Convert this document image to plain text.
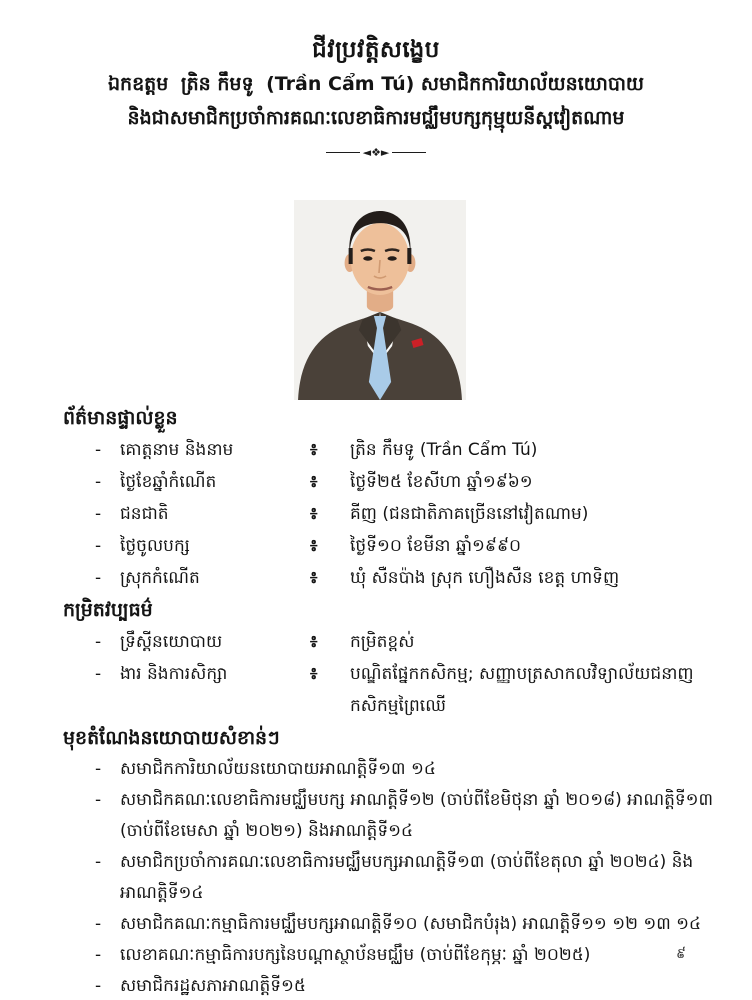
ជីវប្រវត្តិសង្ខេប
ឯកឧត្តម ត្រិន កឹមទូ (Trần Cẩm Tú) សមាជិកការិយាល័យនយោបាយ
និងជាសមាជិកប្រចាំការគណៈលេខាធិការមជ្ឈឹមបក្សកុម្មុយនីស្តវៀតណាម
◄❖►
ព័ត៌មានផ្ទាល់ខ្លួន
-	គោត្តនាម និងនាម	៖	ត្រិន កឹមទូ (Trần Cẩm Tú)
-	ថ្ងៃខែឆ្នាំកំណើត	៖	ថ្ងៃទី២៥ ខែសីហា ឆ្នាំ១៩៦១
-	ជនជាតិ	៖	គីញ (ជនជាតិភាគច្រើននៅវៀតណាម)
-	ថ្ងៃចូលបក្ស	៖	ថ្ងៃទី១០ ខែមីនា ឆ្នាំ១៩៩០
-	ស្រុកកំណើត	៖	ឃុំ សឺនប៉ាង ស្រុក ហឿងសឺន ខេត្ត ហាទិញ
កម្រិតវប្បធម៌
-	ទ្រឹស្តីនយោបាយ	៖	កម្រិតខ្ពស់
-	ងារ និងការសិក្សា	៖	បណ្ឌិតផ្នែកកសិកម្ម; សញ្ញាបត្រសាកលវិទ្យាល័យជនាញកសិកម្មព្រៃឈើ
មុខតំណែងនយោបាយសំខាន់ៗ
-	សមាជិកការិយាល័យនយោបាយអាណត្តិទី១៣ ១៤
-	សមាជិកគណៈលេខាធិការមជ្ឈឹមបក្ស អាណត្តិទី១២ (ចាប់ពីខែមិថុនា ឆ្នាំ ២០១៨) អាណត្តិទី១៣ (ចាប់ពីខែមេសា ឆ្នាំ ២០២១) និងអាណត្តិទី១៤
-	សមាជិកប្រចាំការគណៈលេខាធិការមជ្ឈឹមបក្សអាណត្តិទី១៣ (ចាប់ពីខែតុលា ឆ្នាំ ២០២៤) និងអាណត្តិទី១៤
-	សមាជិកគណៈកម្មាធិការមជ្ឈឹមបក្សអាណត្តិទី១០ (សមាជិកបំរុង) អាណត្តិទី១១ ១២ ១៣ ១៤
-	លេខាគណៈកម្មាធិការបក្សនៃបណ្តាស្ថាប័នមជ្ឈឹម (ចាប់ពីខែកុម្ភៈ ឆ្នាំ ២០២៥)
-	សមាជិករដ្ឋសភាអាណត្តិទី១៥
៩
